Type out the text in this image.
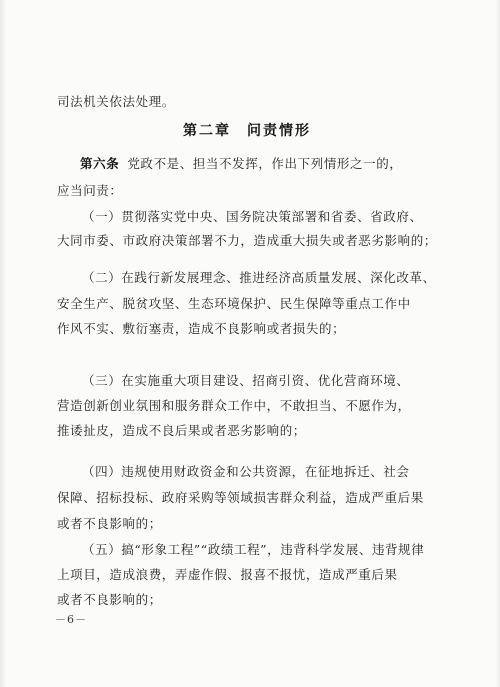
司法机关依法处理。
第二章　问责情形
第六条 党政不是、担当不发挥，作出下列情形之一的，
应当问责：
（一）贯彻落实党中央、国务院决策部署和省委、省政府、
大同市委、市政府决策部署不力，造成重大损失或者恶劣影响的；
（二）在践行新发展理念、推进经济高质量发展、深化改革、
安全生产、脱贫攻坚、生态环境保护、民生保障等重点工作中
作风不实、敷衍塞责，造成不良影响或者损失的；
（三）在实施重大项目建设、招商引资、优化营商环境、
营造创新创业氛围和服务群众工作中，不敢担当、不愿作为，
推诿扯皮，造成不良后果或者恶劣影响的；
（四）违规使用财政资金和公共资源，在征地拆迁、社会
保障、招标投标、政府采购等领域损害群众利益，造成严重后果
或者不良影响的；
（五）搞“形象工程”“政绩工程”，违背科学发展、违背规律
上项目，造成浪费，弄虚作假、报喜不报忧，造成严重后果
或者不良影响的；
－6－
